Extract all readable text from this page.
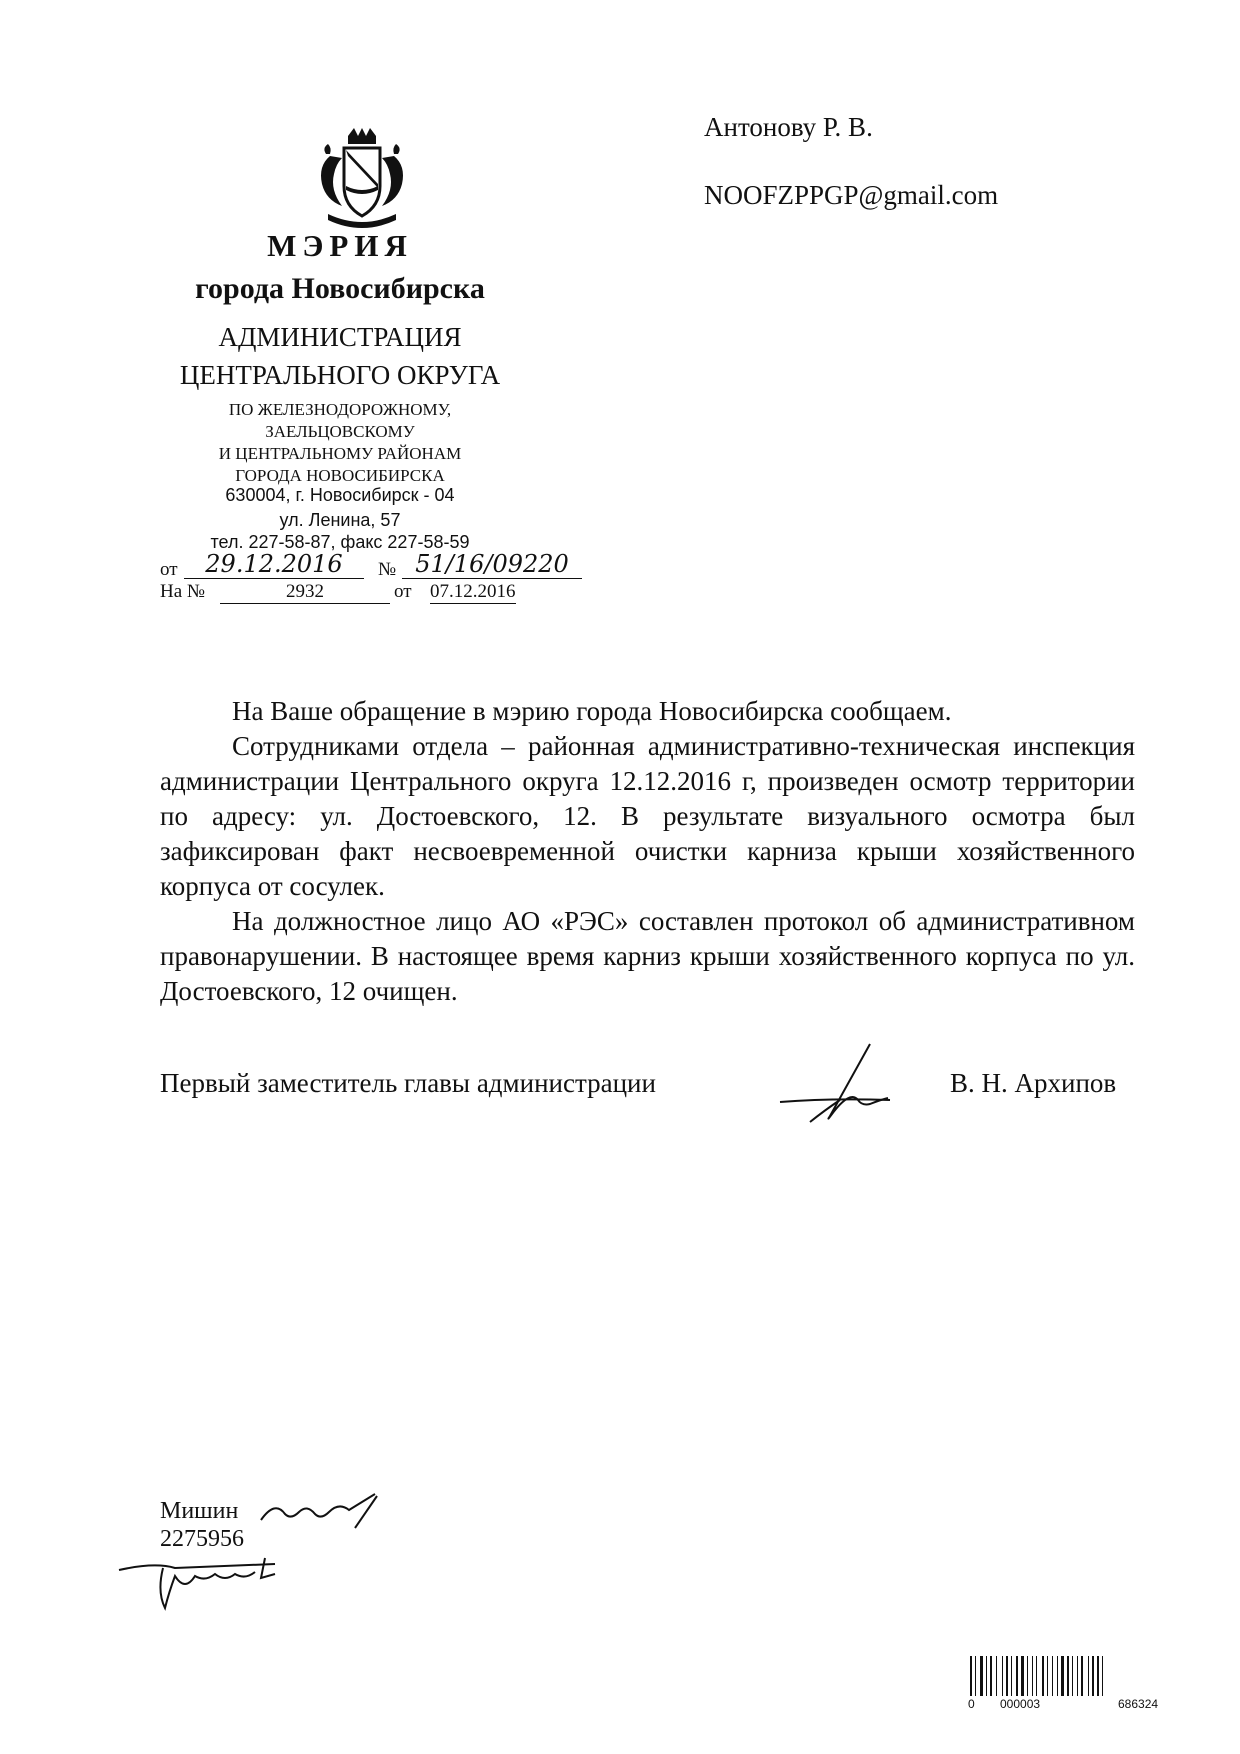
Антонову Р. В.
NOOFZPPGP@gmail.com
МЭРИЯ
города Новосибирска
АДМИНИСТРАЦИЯ
ЦЕНТРАЛЬНОГО ОКРУГА
ПО ЖЕЛЕЗНОДОРОЖНОМУ,
ЗАЕЛЬЦОВСКОМУ
И ЦЕНТРАЛЬНОМУ РАЙОНАМ
ГОРОДА НОВОСИБИРСКА
630004, г. Новосибирск - 04
ул. Ленина, 57
тел. 227-58-87, факс 227-58-59
от	29.12.2016	№ 51/16/09220
На №	2932	от 07.12.2016

На Ваше обращение в мэрию города Новосибирска сообщаем.

Сотрудниками отдела – районная административно-техническая инспекция администрации Центрального округа 12.12.2016 г, произведен осмотр территории по адресу: ул. Достоевского, 12. В результате визуального осмотра был зафиксирован факт несвоевременной очистки карниза крыши хозяйственного корпуса от сосулек.

На должностное лицо АО «РЭС» составлен протокол об административном правонарушении. В настоящее время карниз крыши хозяйственного корпуса по ул. Достоевского, 12 очищен.

Первый заместитель главы администрации	В. Н. Архипов
Мишин
2275956
0 000003	686324
